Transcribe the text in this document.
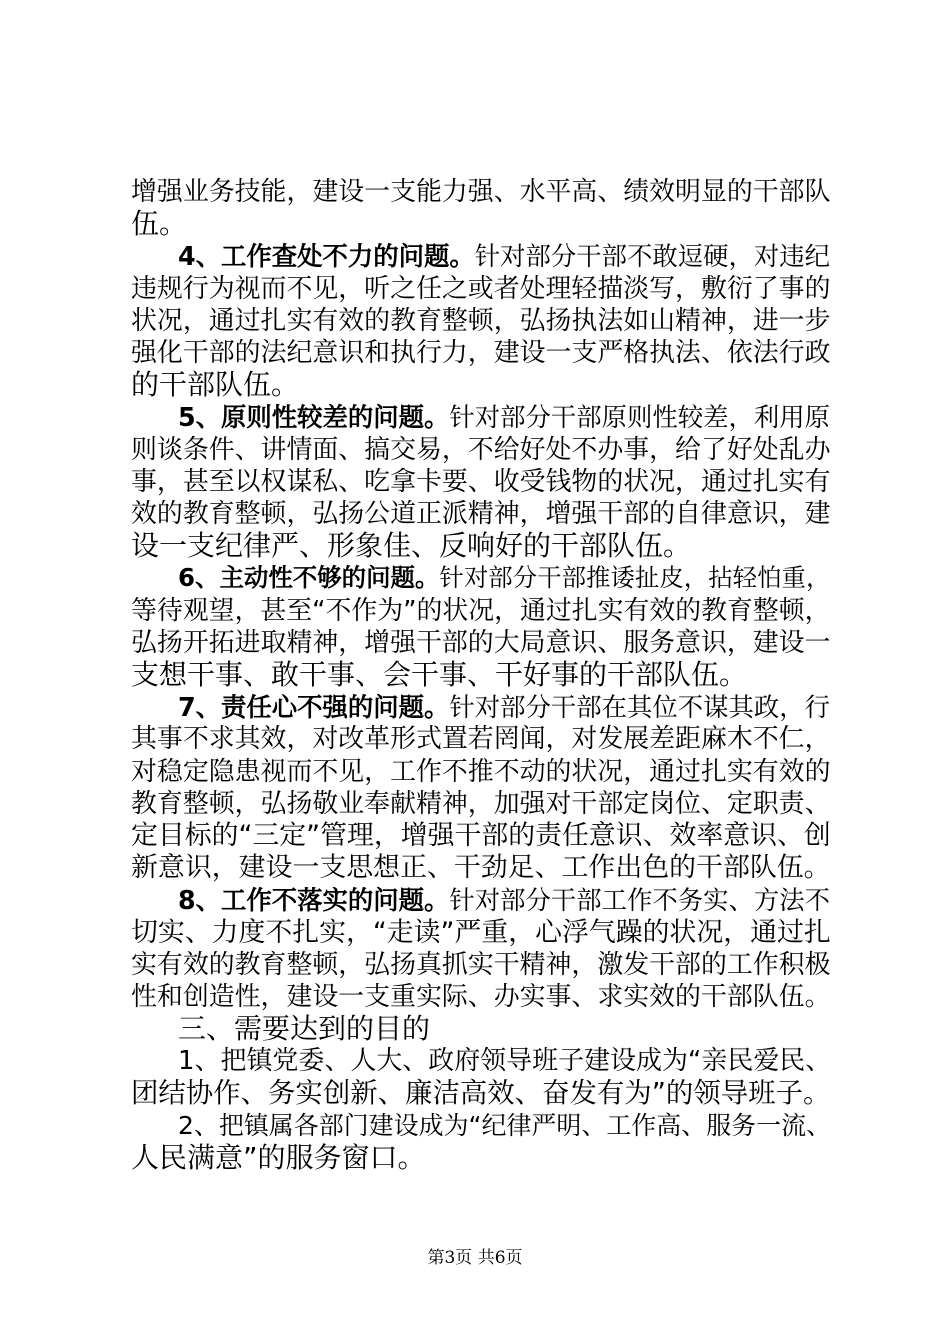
增强业务技能，建设一支能力强、水平高、绩效明显的干部队
伍。
4、工作查处不力的问题。针对部分干部不敢逗硬，对违纪
违规行为视而不见，听之任之或者处理轻描淡写，敷衍了事的
状况，通过扎实有效的教育整顿，弘扬执法如山精神，进一步
强化干部的法纪意识和执行力，建设一支严格执法、依法行政
的干部队伍。
5、原则性较差的问题。针对部分干部原则性较差，利用原
则谈条件、讲情面、搞交易，不给好处不办事，给了好处乱办
事，甚至以权谋私、吃拿卡要、收受钱物的状况，通过扎实有
效的教育整顿，弘扬公道正派精神，增强干部的自律意识，建
设一支纪律严、形象佳、反响好的干部队伍。
6、主动性不够的问题。针对部分干部推诿扯皮，拈轻怕重，
等待观望，甚至“不作为”的状况，通过扎实有效的教育整顿，
弘扬开拓进取精神，增强干部的大局意识、服务意识，建设一
支想干事、敢干事、会干事、干好事的干部队伍。
7、责任心不强的问题。针对部分干部在其位不谋其政，行
其事不求其效，对改革形式置若罔闻，对发展差距麻木不仁，
对稳定隐患视而不见，工作不推不动的状况，通过扎实有效的
教育整顿，弘扬敬业奉献精神，加强对干部定岗位、定职责、
定目标的“三定”管理，增强干部的责任意识、效率意识、创
新意识，建设一支思想正、干劲足、工作出色的干部队伍。
8、工作不落实的问题。针对部分干部工作不务实、方法不
切实、力度不扎实，“走读”严重，心浮气躁的状况，通过扎
实有效的教育整顿，弘扬真抓实干精神，激发干部的工作积极
性和创造性，建设一支重实际、办实事、求实效的干部队伍。
三、需要达到的目的
1、把镇党委、人大、政府领导班子建设成为“亲民爱民、
团结协作、务实创新、廉洁高效、奋发有为”的领导班子。
2、把镇属各部门建设成为“纪律严明、工作高、服务一流、
人民满意”的服务窗口。
第3页 共6页
